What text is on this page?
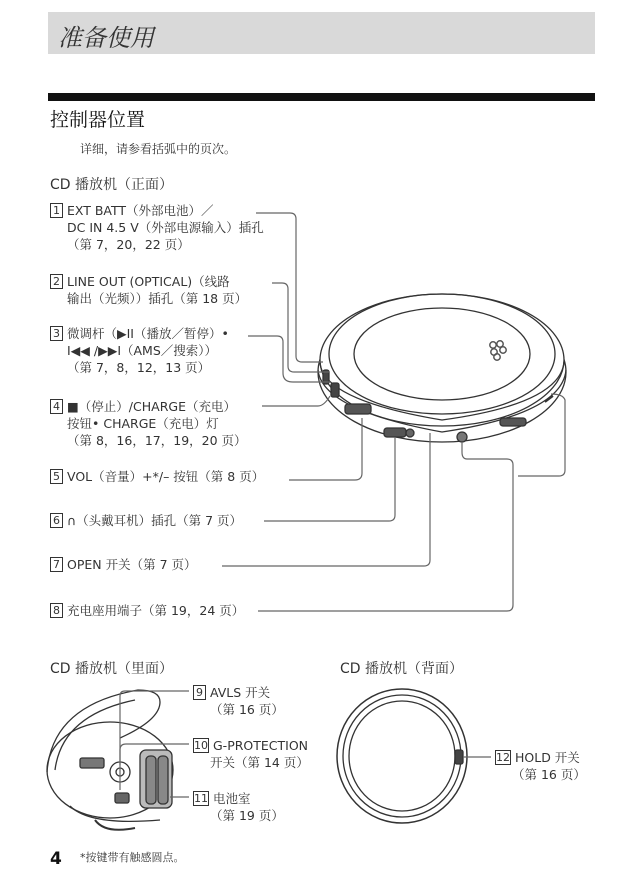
准备使用
控制器位置
详细，请参看括弧中的页次。
CD 播放机（正面）
CD 播放机（里面）	CD 播放机（背面）
1 EXT BATT（外部电池）／
DC IN 4.5 V（外部电源输入）插孔
（第 7，20，22 页）
2 LINE OUT (OPTICAL)（线路
输出（光频））插孔（第 18 页）
3 微调杆（▶II（播放／暂停）•
I◀◀ /▶▶I（AMS／搜索））
（第 7，8，12，13 页）
4 ■（停止）/CHARGE（充电）
按钮• CHARGE（充电）灯
（第 8，16，17，19，20 页）
5 VOL（音量）+*/– 按钮（第 8 页）
6 ∩（头戴耳机）插孔（第 7 页）
7 OPEN 开关（第 7 页）
8 充电座用端子（第 19，24 页）
9 AVLS 开关
（第 16 页）
10 G-PROTECTION
开关（第 14 页）
11 电池室
（第 19 页）
12 HOLD 开关
（第 16 页）
4 *按键带有触感圆点。
